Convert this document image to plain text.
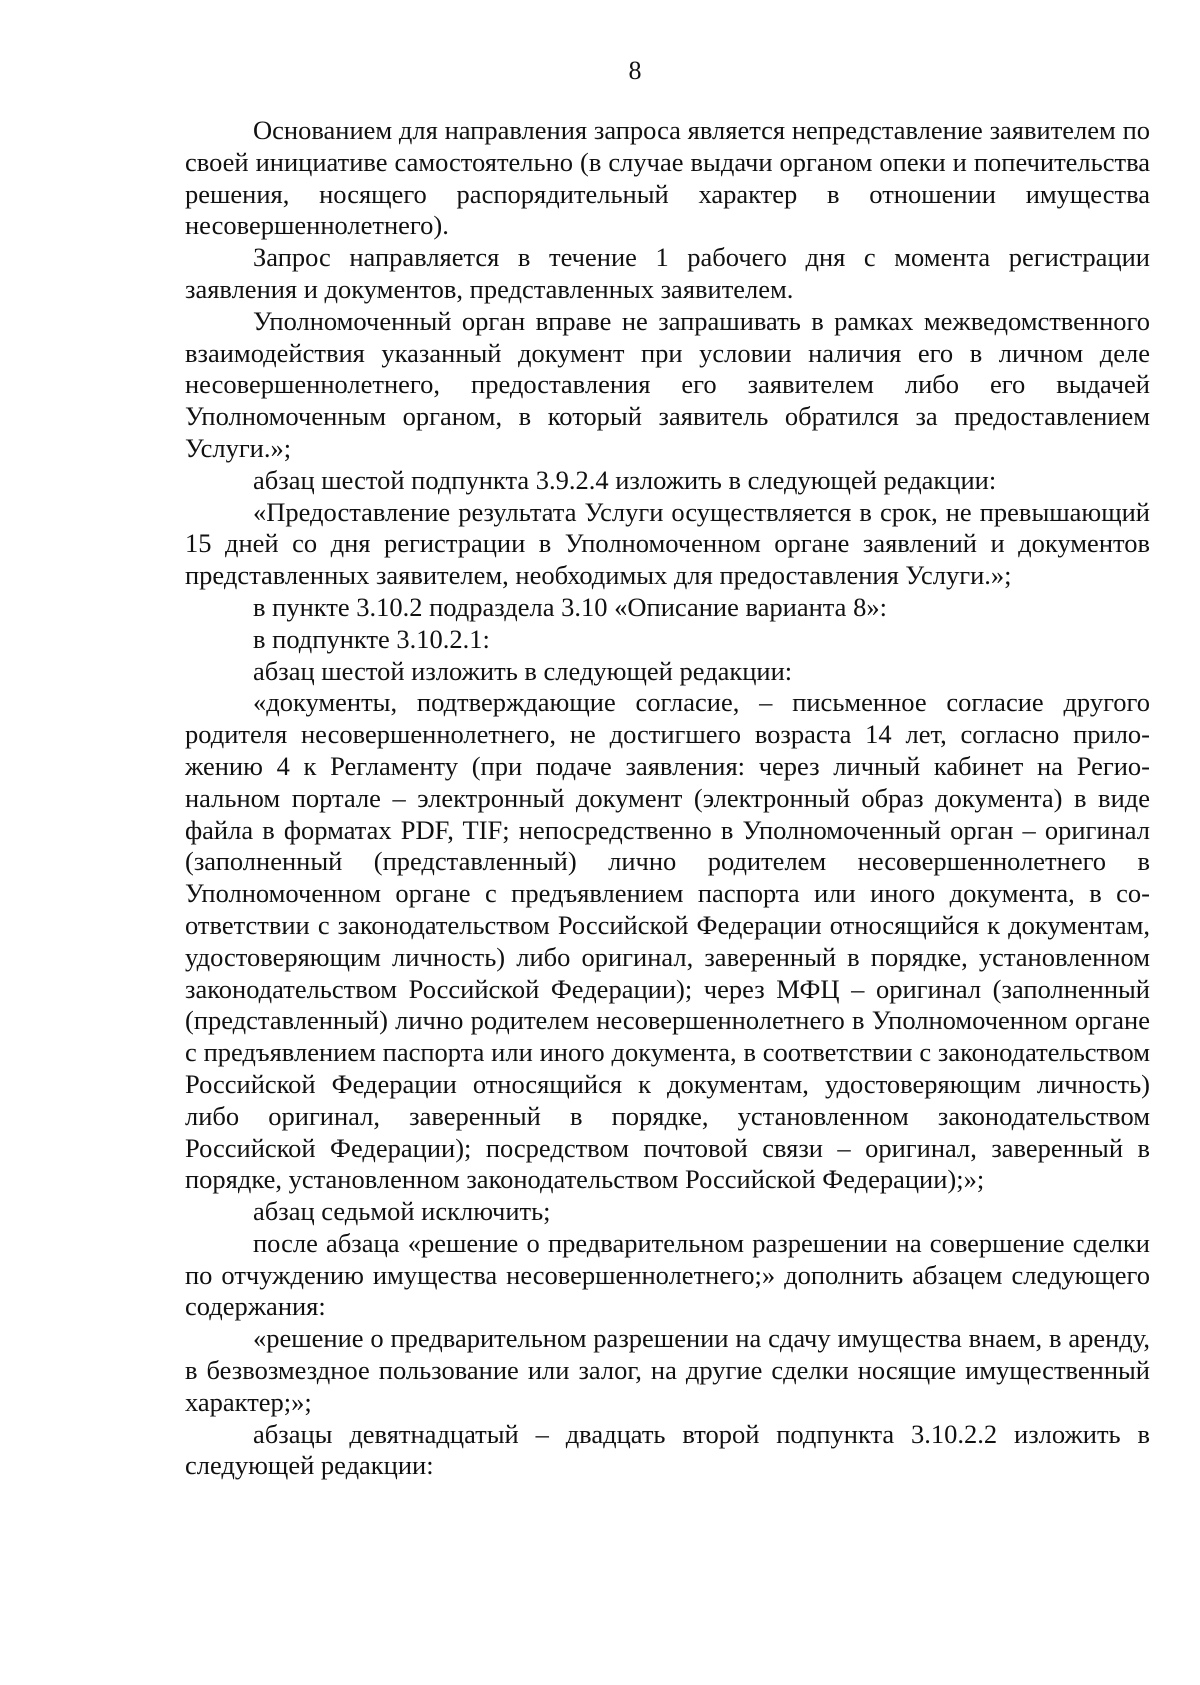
8

Основанием для направления запроса является непредставление заявителем по своей инициативе самостоятельно (в случае выдачи органом опеки и попечительства решения, носящего распорядительный характер в отношении имущества несовершеннолетнего).

Запрос направляется в течение 1 рабочего дня с момента регистрации заявления и документов, представленных заявителем.

Уполномоченный орган вправе не запрашивать в рамках межведомственного взаимодействия указанный документ при условии наличия его в личном деле несовершеннолетнего, предоставления его заявителем либо его выдачей Уполномоченным органом, в который заявитель обратился за предоставлением Услуги.»;

абзац шестой подпункта 3.9.2.4 изложить в следующей редакции:

«Предоставление результата Услуги осуществляется в срок, не превышающий 15 дней со дня регистрации в Уполномоченном органе заявлений и документов представленных заявителем, необходимых для предоставления Услуги.»;

в пункте 3.10.2 подраздела 3.10 «Описание варианта 8»:

в подпункте 3.10.2.1:

абзац шестой изложить в следующей редакции:

«документы, подтверждающие согласие, – письменное согласие другого родителя несовершеннолетнего, не достигшего возраста 14 лет, согласно приложению 4 к Регламенту (при подаче заявления: через личный кабинет на Региональном портале – электронный документ (электронный образ документа) в виде файла в форматах PDF, TIF; непосредственно в Уполномоченный орган – оригинал (заполненный (представленный) лично родителем несовершеннолетнего в Уполномоченном органе с предъявлением паспорта или иного документа, в соответствии с законодательством Российской Федерации относящийся к документам, удостоверяющим личность) либо оригинал, заверенный в порядке, установленном законодательством Российской Федерации); через МФЦ – оригинал (заполненный (представленный) лично родителем несовершеннолетнего в Уполномоченном органе с предъявлением паспорта или иного документа, в соответствии с законодательством Российской Федерации относящийся к документам, удостоверяющим личность) либо оригинал, заверенный в порядке, установленном законодательством Российской Федерации); посредством почтовой связи – оригинал, заверенный в порядке, установленном законодательством Российской Федерации);»;

абзац седьмой исключить;

после абзаца «решение о предварительном разрешении на совершение сделки по отчуждению имущества несовершеннолетнего;» дополнить абзацем следующего содержания:

«решение о предварительном разрешении на сдачу имущества внаем, в аренду, в безвозмездное пользование или залог, на другие сделки носящие имущественный характер;»;

абзацы девятнадцатый – двадцать второй подпункта 3.10.2.2 изложить в следующей редакции:
